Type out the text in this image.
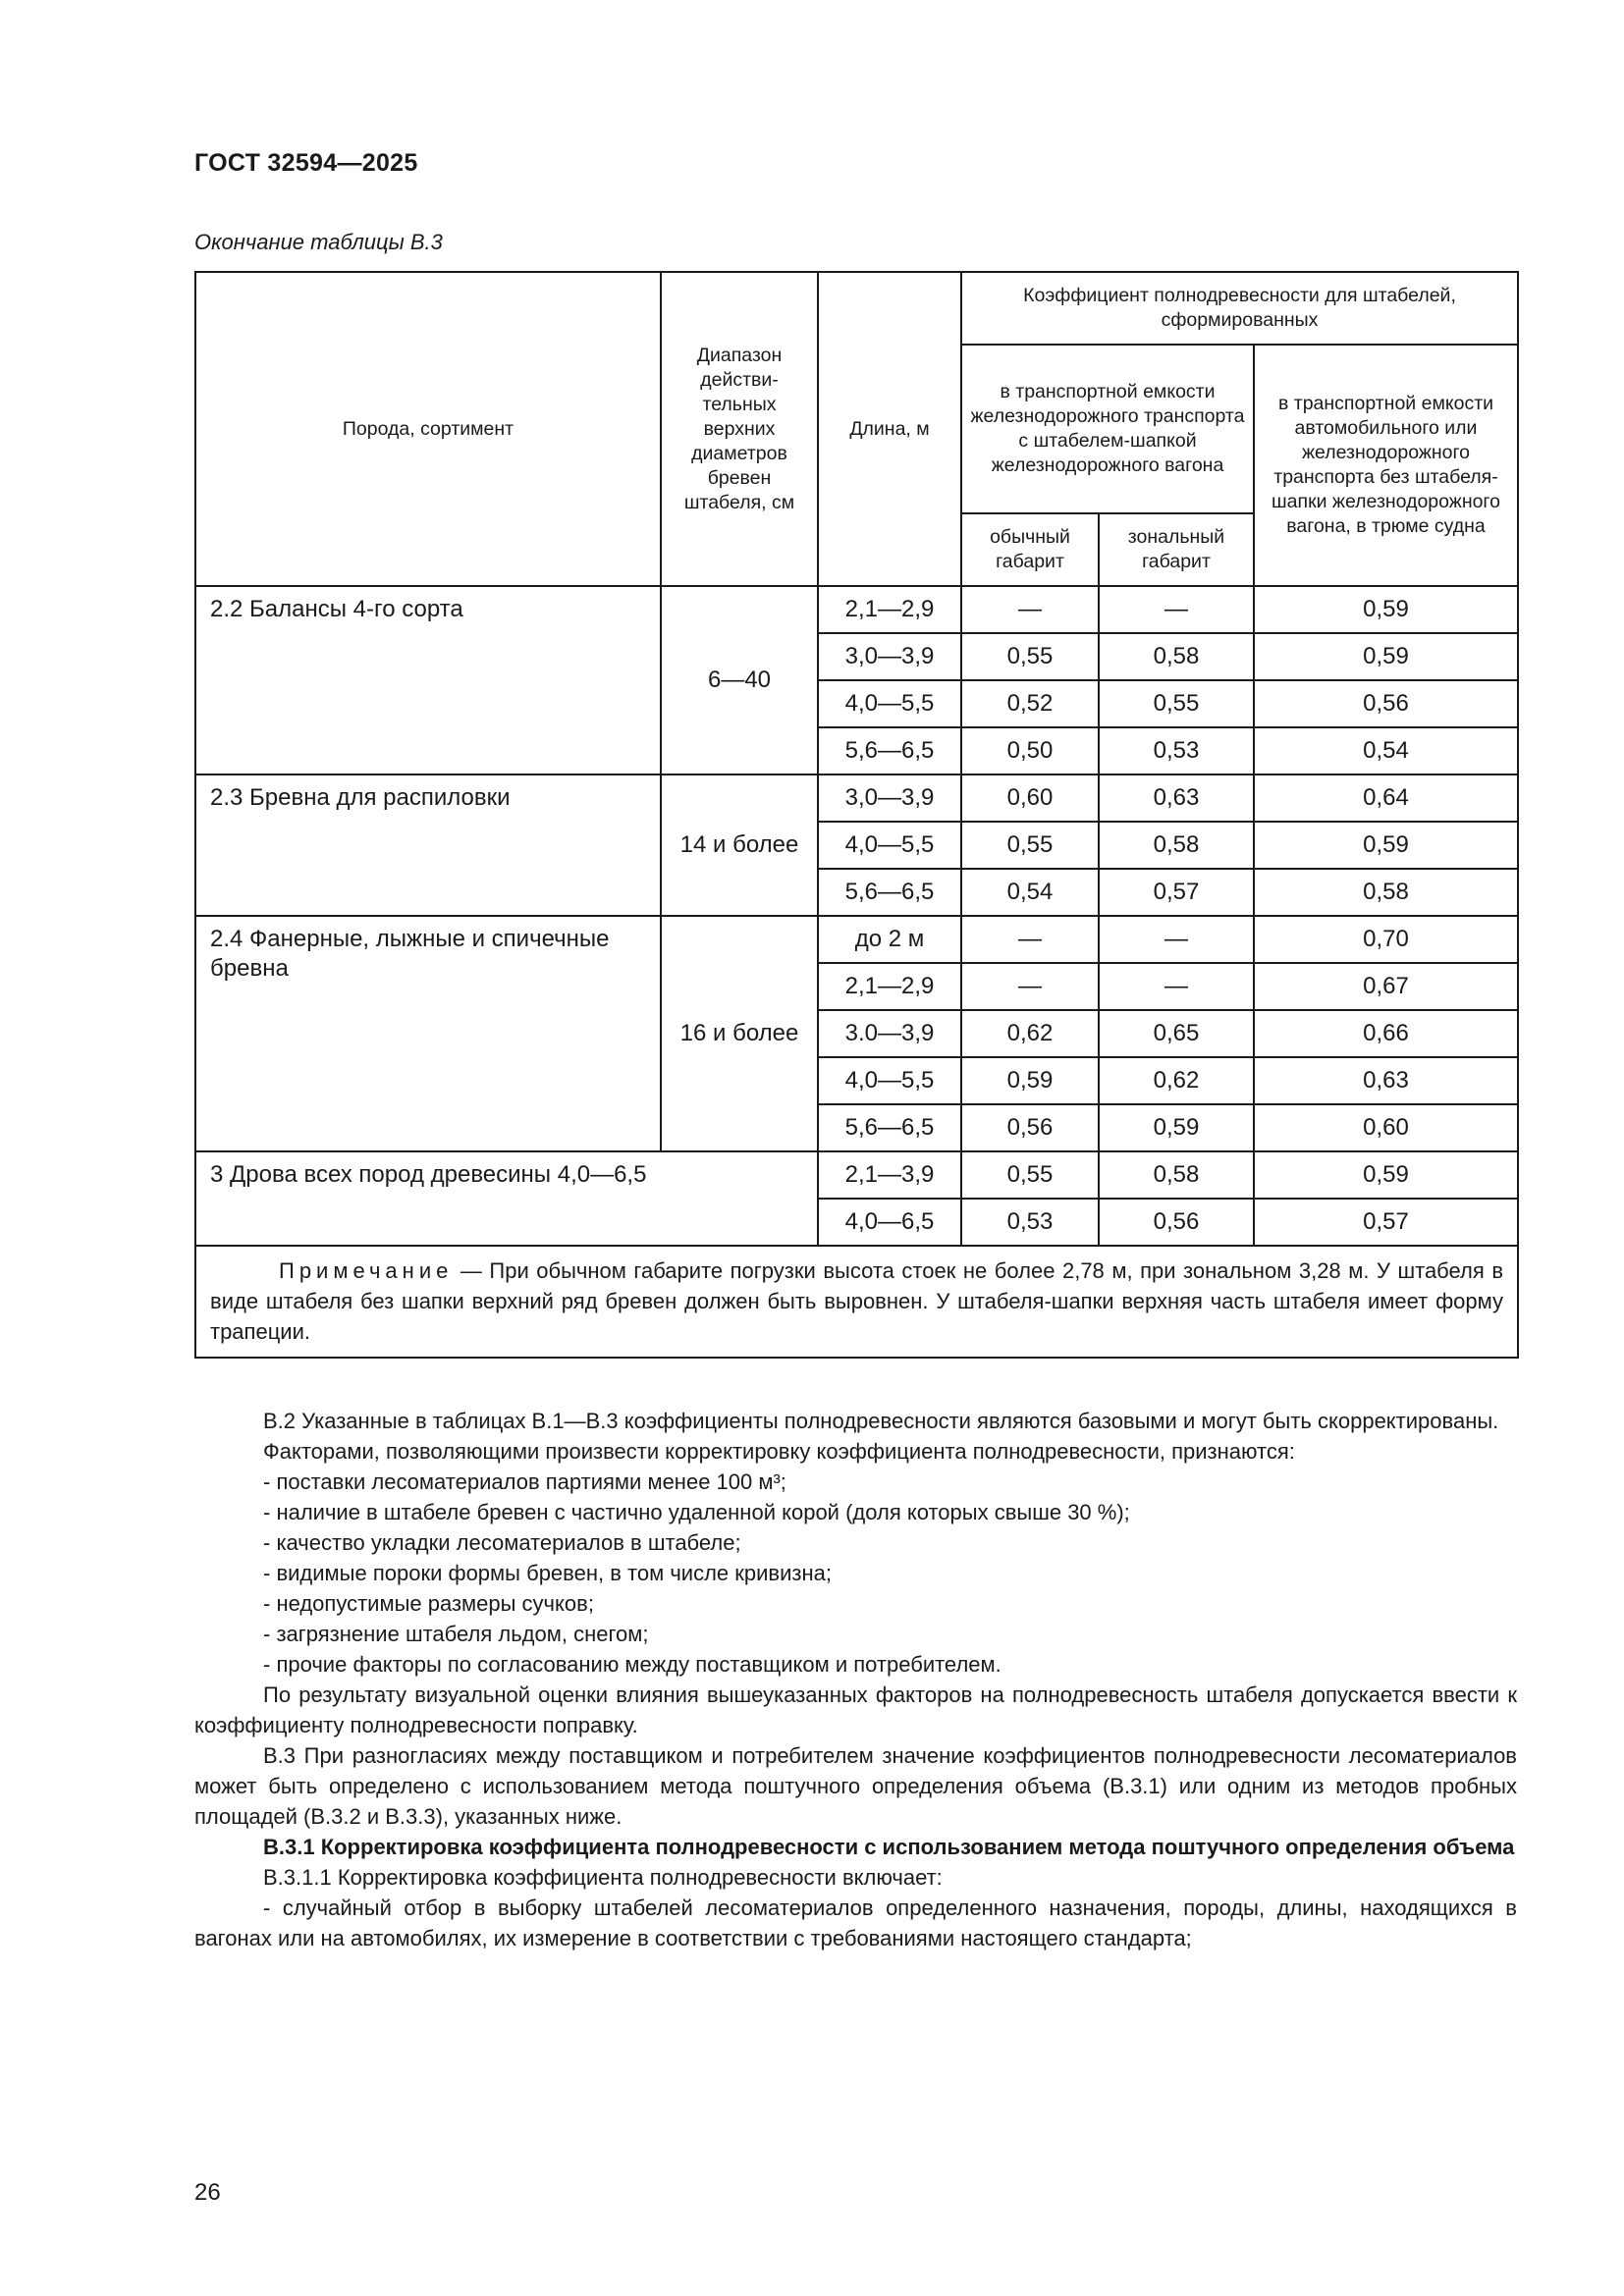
ГОСТ 32594—2025
Окончание таблицы В.3
Порода, сортимент	Диапазон действи-тельных верхних диаметров бревен штабеля, см	Длина, м	Коэффициент полнодревесности для штабелей, сформированных		
			в транспортной емкости железнодорожного транспорта с штабелем-шапкой железнодорожного вагона		в транспортной емкости автомобильного или железнодорожного транспорта без штабеля-шапки железнодорожного вагона, в трюме судна
			обычный габарит	зональный габарит	
2.2 Балансы 4-го сорта	6—40	2,1—2,9	—	—	0,59
		3,0—3,9	0,55	0,58	0,59
		4,0—5,5	0,52	0,55	0,56
		5,6—6,5	0,50	0,53	0,54
2.3 Бревна для распиловки	14 и более	3,0—3,9	0,60	0,63	0,64
		4,0—5,5	0,55	0,58	0,59
		5,6—6,5	0,54	0,57	0,58
2.4 Фанерные, лыжные и спичечные бревна	16 и более	до 2 м	—	—	0,70
		2,1—2,9	—	—	0,67
		3.0—3,9	0,62	0,65	0,66
		4,0—5,5	0,59	0,62	0,63
		5,6—6,5	0,56	0,59	0,60
3 Дрова всех пород древесины 4,0—6,5		2,1—3,9	0,55	0,58	0,59
		4,0—6,5	0,53	0,56	0,57
Примечание — При обычном габарите погрузки высота стоек не более 2,78 м, при зональном 3,28 м. У штабеля в виде штабеля без шапки верхний ряд бревен должен быть выровнен. У штабеля-шапки верхняя часть штабеля имеет форму трапеции.					

В.2 Указанные в таблицах В.1—В.3 коэффициенты полнодревесности являются базовыми и могут быть скорректированы.

Факторами, позволяющими произвести корректировку коэффициента полнодревесности, признаются:

- поставки лесоматериалов партиями менее 100 м³;

- наличие в штабеле бревен с частично удаленной корой (доля которых свыше 30 %);

- качество укладки лесоматериалов в штабеле;

- видимые пороки формы бревен, в том числе кривизна;

- недопустимые размеры сучков;

- загрязнение штабеля льдом, снегом;

- прочие факторы по согласованию между поставщиком и потребителем.

По результату визуальной оценки влияния вышеуказанных факторов на полнодревесность штабеля допускается ввести к коэффициенту полнодревесности поправку.

В.3 При разногласиях между поставщиком и потребителем значение коэффициентов полнодревесности лесоматериалов может быть определено с использованием метода поштучного определения объема (В.3.1) или одним из методов пробных площадей (В.3.2 и В.3.3), указанных ниже.

В.3.1 Корректировка коэффициента полнодревесности с использованием метода поштучного определения объема

В.3.1.1 Корректировка коэффициента полнодревесности включает:

- случайный отбор в выборку штабелей лесоматериалов определенного назначения, породы, длины, находящихся в вагонах или на автомобилях, их измерение в соответствии с требованиями настоящего стандарта;

26
